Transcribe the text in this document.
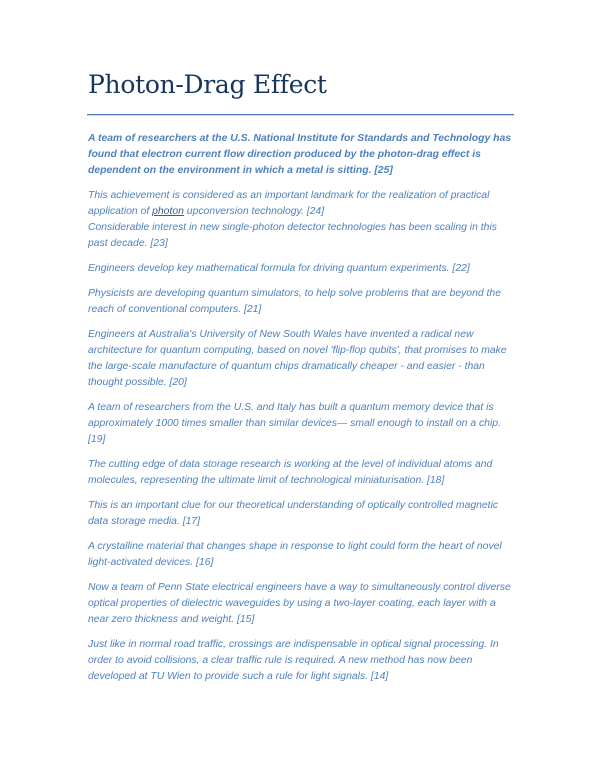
Photon-Drag Effect

A team of researchers at the U.S. National Institute for Standards and Technology has found that electron current flow direction produced by the photon-drag effect is dependent on the environment in which a metal is sitting. [25]

This achievement is considered as an important landmark for the realization of practical application of photon upconversion technology. [24]
Considerable interest in new single-photon detector technologies has been scaling in this past decade. [23]

Engineers develop key mathematical formula for driving quantum experiments. [22]

Physicists are developing quantum simulators, to help solve problems that are beyond the reach of conventional computers. [21]

Engineers at Australia's University of New South Wales have invented a radical new architecture for quantum computing, based on novel 'flip-flop qubits', that promises to make the large-scale manufacture of quantum chips dramatically cheaper - and easier - than thought possible. [20]

A team of researchers from the U.S. and Italy has built a quantum memory device that is approximately 1000 times smaller than similar devices— small enough to install on a chip. [19]

The cutting edge of data storage research is working at the level of individual atoms and molecules, representing the ultimate limit of technological miniaturisation. [18]

This is an important clue for our theoretical understanding of optically controlled magnetic data storage media. [17]

A crystalline material that changes shape in response to light could form the heart of novel light-activated devices. [16]

Now a team of Penn State electrical engineers have a way to simultaneously control diverse optical properties of dielectric waveguides by using a two-layer coating, each layer with a near zero thickness and weight. [15]

Just like in normal road traffic, crossings are indispensable in optical signal processing. In order to avoid collisions, a clear traffic rule is required. A new method has now been developed at TU Wien to provide such a rule for light signals. [14]
